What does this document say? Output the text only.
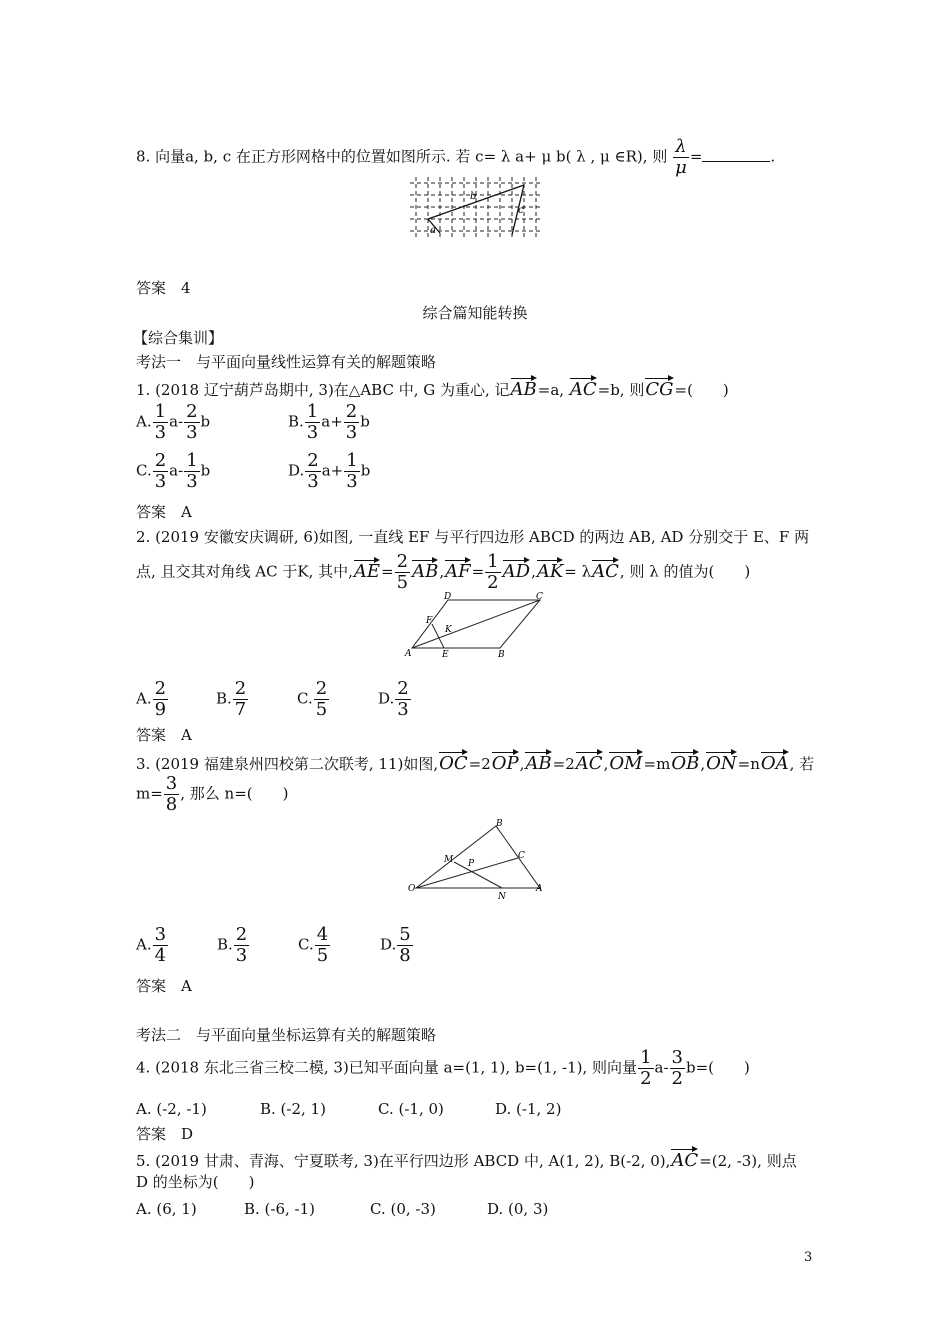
8. 向量a, b, c 在正方形网格中的位置如图所示. 若 c= λ a+ μ b( λ , μ ∈R), 则 $\frac{\lambda}{\mu}$ =	.
b
c
a
答案　4
综合篇知能转换
【综合集训】
考法一　与平面向量线性运算有关的解题策略
1. (2018 辽宁葫芦岛期中, 3)在△ABC 中, G 为重心, 记AB=a, AC=b, 则CG=(　　)
A. $\frac{1}{3} a- \frac{2}{3}$ b	B. $\frac{1}{3} a+ \frac{2}{3}$ b
C. $\frac{2}{3} a- \frac{1}{3}$ b	D. $\frac{2}{3} a+ \frac{1}{3}$ b
答案　A
2. (2019 安徽安庆调研, 6)如图, 一直线 EF 与平行四边形 ABCD 的两边 AB, AD 分别交于 E、F 两
点, 且交其对角线 AC 于K, 其中$,AE= \frac{2}{5} AB,AF= \frac{1}{2} AD,AK= \lambda AC$, 则 λ 的值为(　　)
D	C
F
K
A	E	B
A. $\frac{2}{9}$	B. $\frac{2}{7}$	C. $\frac{2}{5}$	D. $\frac{2}{3}$
答案　A
3. (2019 福建泉州四校第二次联考, 11)如图,OC=2OP,AB=2AC,OM=mOB,ON=nOA, 若
$m= \frac{3}{8}$ , 那么 n=(　　)
B
M P
C
O
N
A
A. $\frac{3}{4}$	B. $\frac{2}{3}$	C. $\frac{4}{5}$	D. $\frac{5}{8}$
答案　A
考法二　与平面向量坐标运算有关的解题策略
4. (2018 东北三省三校二模, 3)已知平面向量 a=(1, 1), b=(1, -1), 则向量 $\frac{1}{2} a- \frac{3}{2} b=$(　　)
A. (-2, -1)	B. (-2, 1)	C. (-1, 0)	D. (-1, 2)
答案　D
5. (2019 甘肃、青海、宁夏联考, 3)在平行四边形 ABCD 中, A(1, 2), B(-2, 0),AC=(2, -3), 则点
D 的坐标为(　　)
A. (6, 1)	B. (-6, -1)	C. (0, -3)	D. (0, 3)
3
